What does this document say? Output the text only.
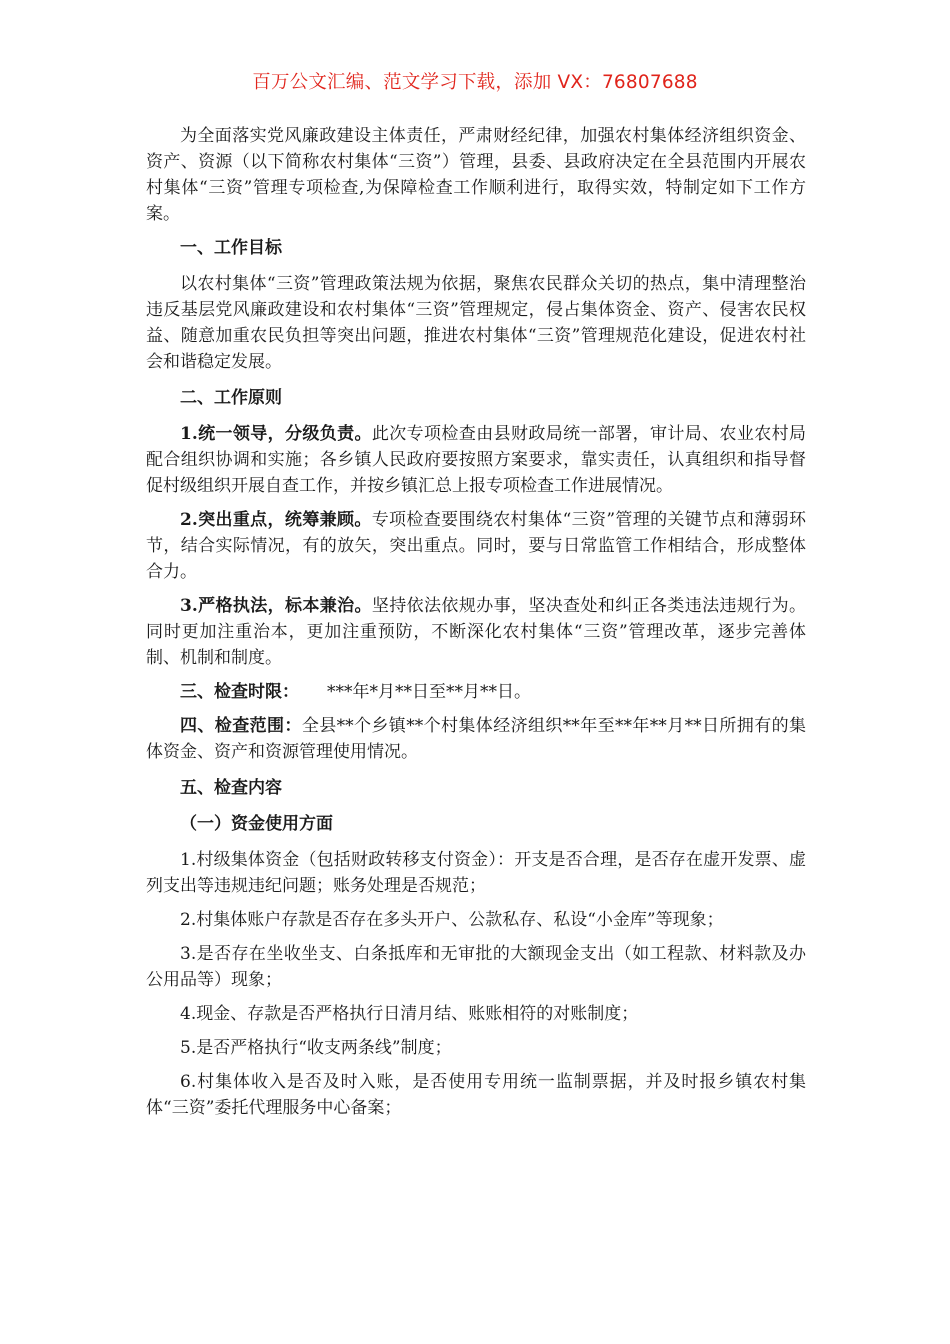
百万公文汇编、范文学习下载，添加 VX：76807688

为全面落实党风廉政建设主体责任，严肃财经纪律，加强农村集体经济组织资金、资产、资源（以下简称农村集体“三资”）管理，县委、县政府决定在全县范围内开展农村集体“三资”管理专项检查,为保障检查工作顺利进行，取得实效，特制定如下工作方案。

一、工作目标

以农村集体“三资”管理政策法规为依据，聚焦农民群众关切的热点，集中清理整治违反基层党风廉政建设和农村集体“三资”管理规定，侵占集体资金、资产、侵害农民权益、随意加重农民负担等突出问题，推进农村集体“三资”管理规范化建设，促进农村社会和谐稳定发展。

二、工作原则

1.统一领导，分级负责。此次专项检查由县财政局统一部署，审计局、农业农村局配合组织协调和实施；各乡镇人民政府要按照方案要求，靠实责任，认真组织和指导督促村级组织开展自查工作，并按乡镇汇总上报专项检查工作进展情况。

2.突出重点，统筹兼顾。专项检查要围绕农村集体“三资”管理的关键节点和薄弱环节，结合实际情况，有的放矢，突出重点。同时，要与日常监管工作相结合，形成整体合力。

3.严格执法，标本兼治。坚持依法依规办事，坚决查处和纠正各类违法违规行为。同时更加注重治本，更加注重预防，不断深化农村集体“三资”管理改革，逐步完善体制、机制和制度。

三、检查时限： ***年*月**日至**月**日。

四、检查范围：全县**个乡镇**个村集体经济组织**年至**年**月**日所拥有的集体资金、资产和资源管理使用情况。

五、检查内容

（一）资金使用方面

1.村级集体资金（包括财政转移支付资金）：开支是否合理，是否存在虚开发票、虚列支出等违规违纪问题；账务处理是否规范；

2.村集体账户存款是否存在多头开户、公款私存、私设“小金库”等现象；

3.是否存在坐收坐支、白条抵库和无审批的大额现金支出（如工程款、材料款及办公用品等）现象；

4.现金、存款是否严格执行日清月结、账账相符的对账制度；

5.是否严格执行“收支两条线”制度；

6.村集体收入是否及时入账，是否使用专用统一监制票据，并及时报乡镇农村集体“三资”委托代理服务中心备案；
